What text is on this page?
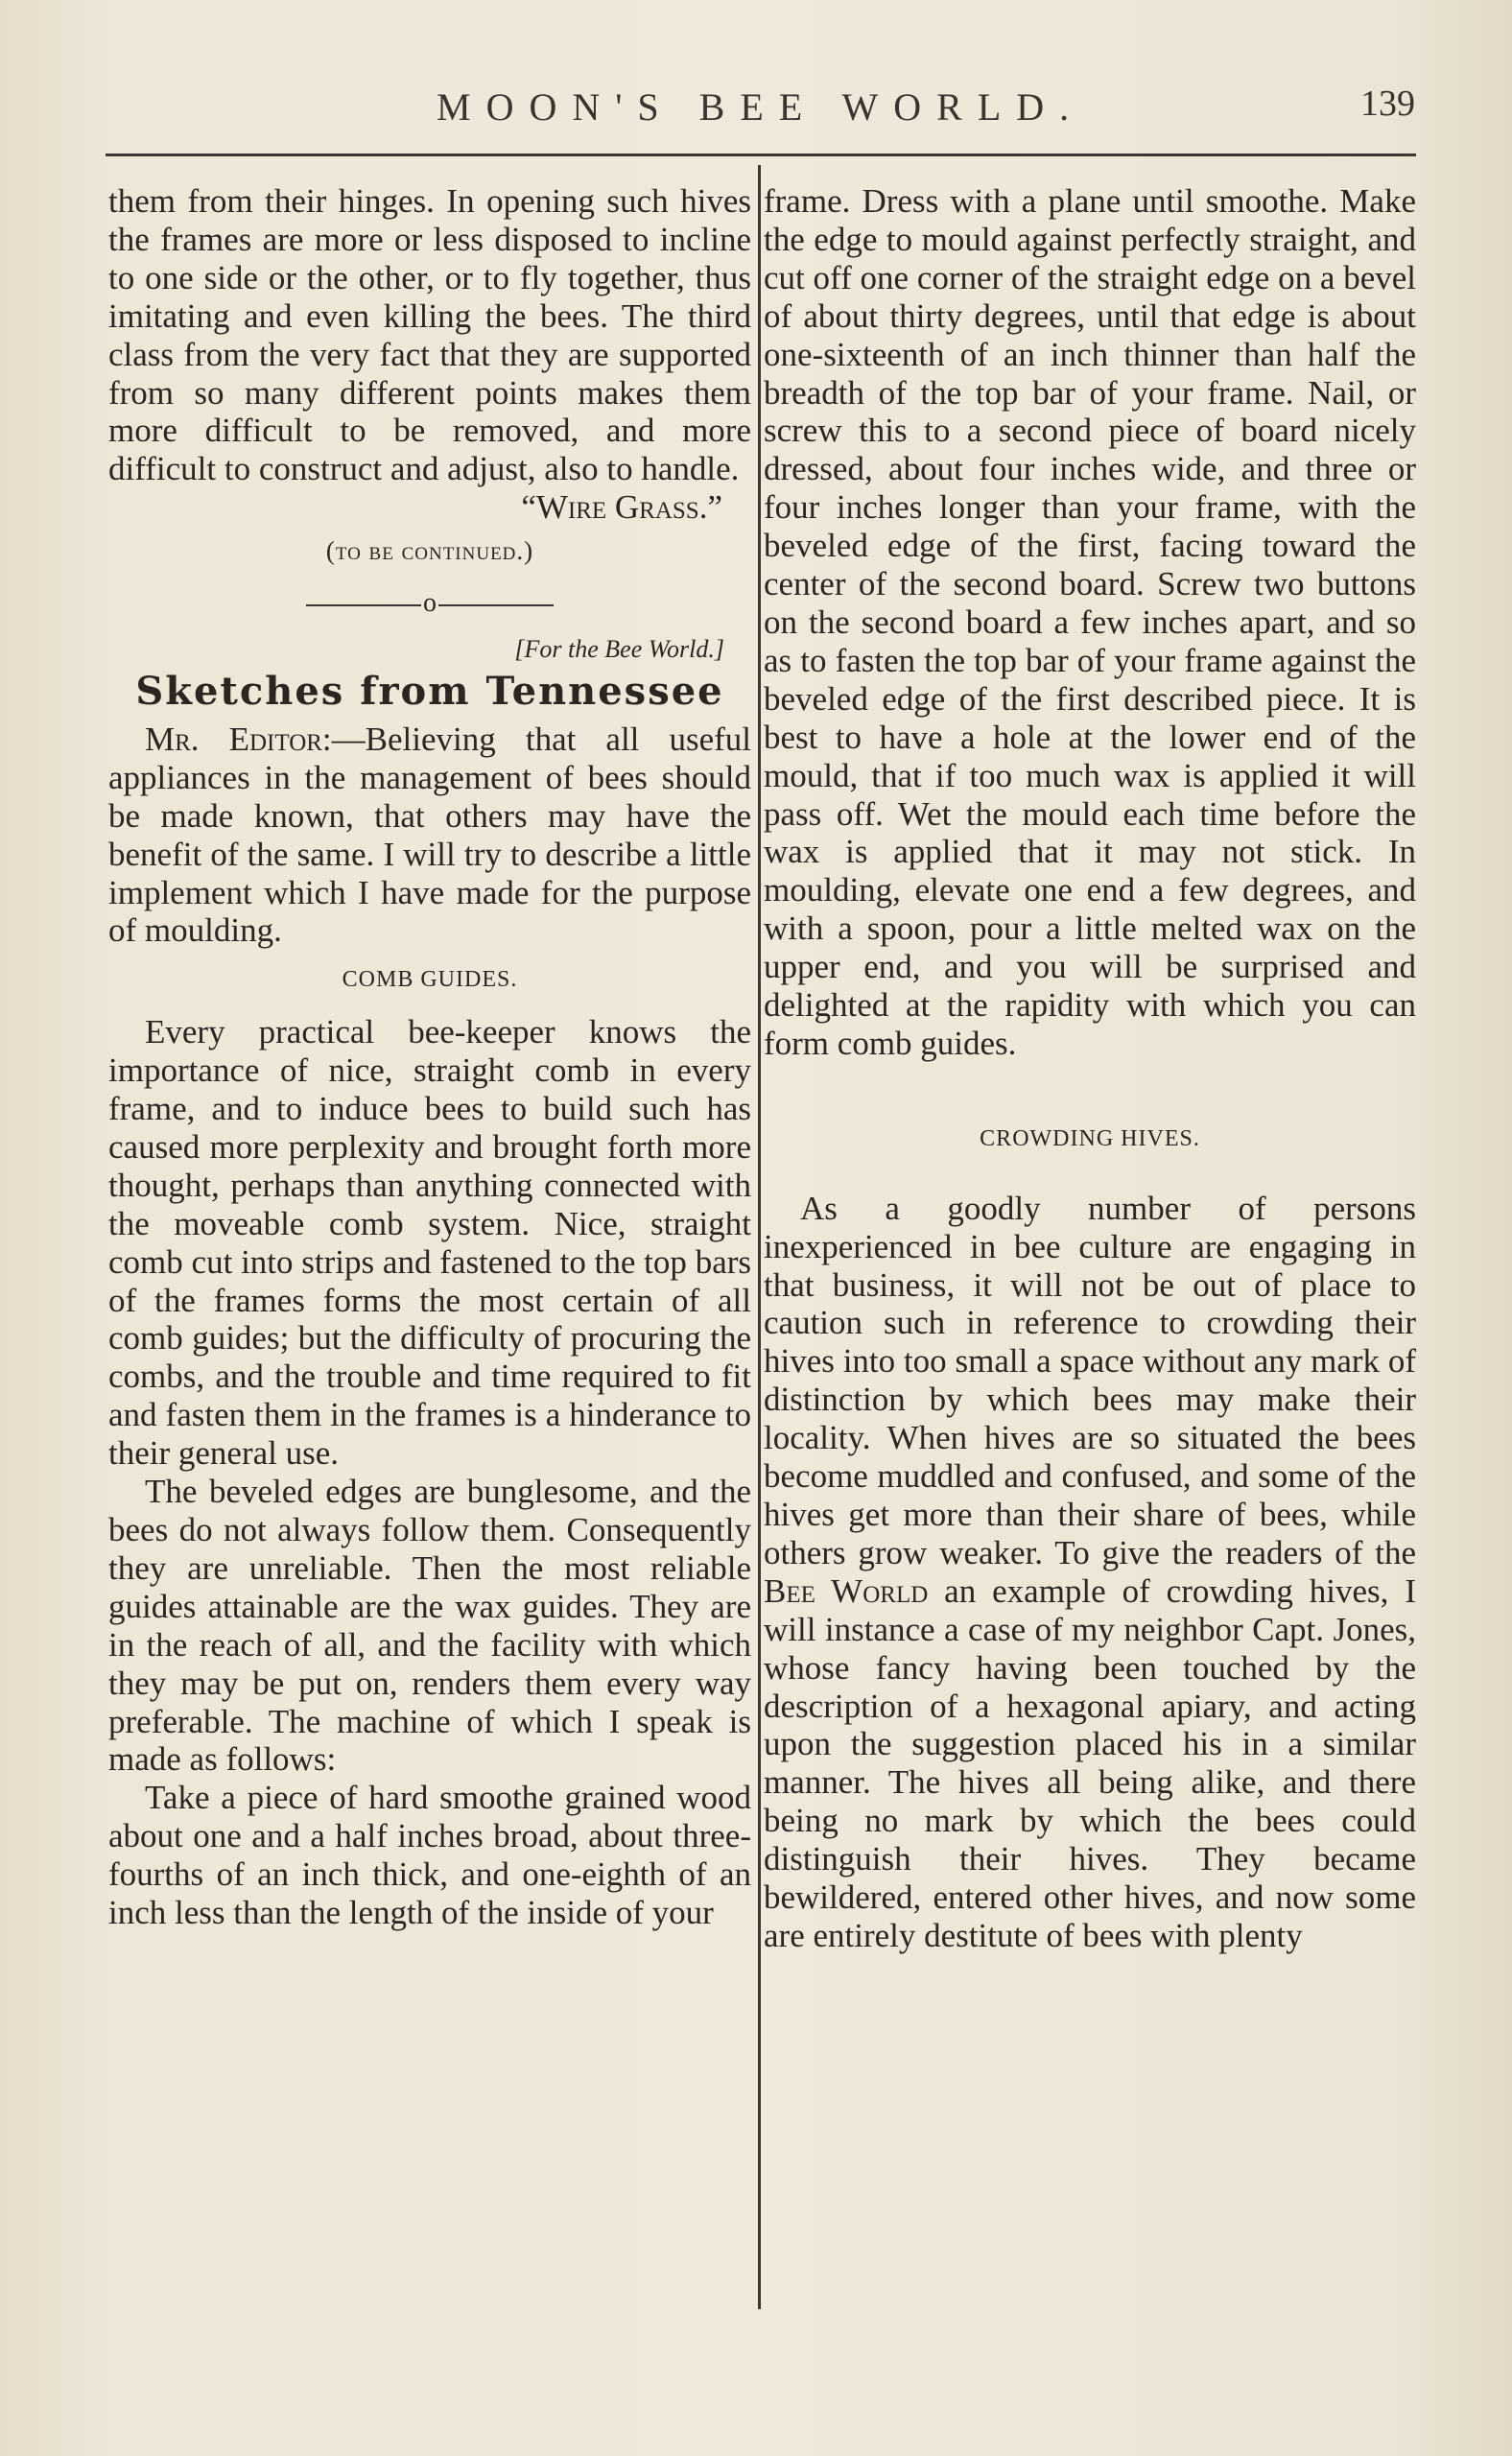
MOON'S BEE WORLD.	139

them from their hinges. In opening such hives the frames are more or less disposed to incline to one side or the other, or to fly together, thus imitating and even killing the bees. The third class from the very fact that they are supported from so many different points makes them more difficult to be removed, and more difficult to construct and adjust, also to handle.

“Wire Grass.”

(to be continued.)

o

[For the Bee World.]

Sketches from Tennessee

Mr. Editor:—Believing that all useful appliances in the management of bees should be made known, that others may have the benefit of the same. I will try to describe a little implement which I have made for the purpose of moulding.

COMB GUIDES.

Every practical bee-keeper knows the importance of nice, straight comb in every frame, and to induce bees to build such has caused more perplexity and brought forth more thought, perhaps than anything connected with the moveable comb system. Nice, straight comb cut into strips and fastened to the top bars of the frames forms the most certain of all comb guides; but the difficulty of procuring the combs, and the trouble and time required to fit and fasten them in the frames is a hinderance to their general use.

The beveled edges are bunglesome, and the bees do not always follow them. Consequently they are unreliable. Then the most reliable guides attainable are the wax guides. They are in the reach of all, and the facility with which they may be put on, renders them every way preferable. The machine of which I speak is made as follows:

Take a piece of hard smoothe grained wood about one and a half inches broad, about three-fourths of an inch thick, and one-eighth of an inch less than the length of the inside of your

frame. Dress with a plane until smoothe. Make the edge to mould against perfectly straight, and cut off one corner of the straight edge on a bevel of about thirty degrees, until that edge is about one-sixteenth of an inch thinner than half the breadth of the top bar of your frame. Nail, or screw this to a second piece of board nicely dressed, about four inches wide, and three or four inches longer than your frame, with the beveled edge of the first, facing toward the center of the second board. Screw two buttons on the second board a few inches apart, and so as to fasten the top bar of your frame against the beveled edge of the first described piece. It is best to have a hole at the lower end of the mould, that if too much wax is applied it will pass off. Wet the mould each time before the wax is applied that it may not stick. In moulding, elevate one end a few degrees, and with a spoon, pour a little melted wax on the upper end, and you will be surprised and delighted at the rapidity with which you can form comb guides.

CROWDING HIVES.

As a goodly number of persons inexperienced in bee culture are engaging in that business, it will not be out of place to caution such in reference to crowding their hives into too small a space without any mark of distinction by which bees may make their locality. When hives are so situated the bees become muddled and confused, and some of the hives get more than their share of bees, while others grow weaker. To give the readers of the Bee World an example of crowding hives, I will instance a case of my neighbor Capt. Jones, whose fancy having been touched by the description of a hexagonal apiary, and acting upon the suggestion placed his in a similar manner. The hives all being alike, and there being no mark by which the bees could distinguish their hives. They became bewildered, entered other hives, and now some are entirely destitute of bees with plenty
